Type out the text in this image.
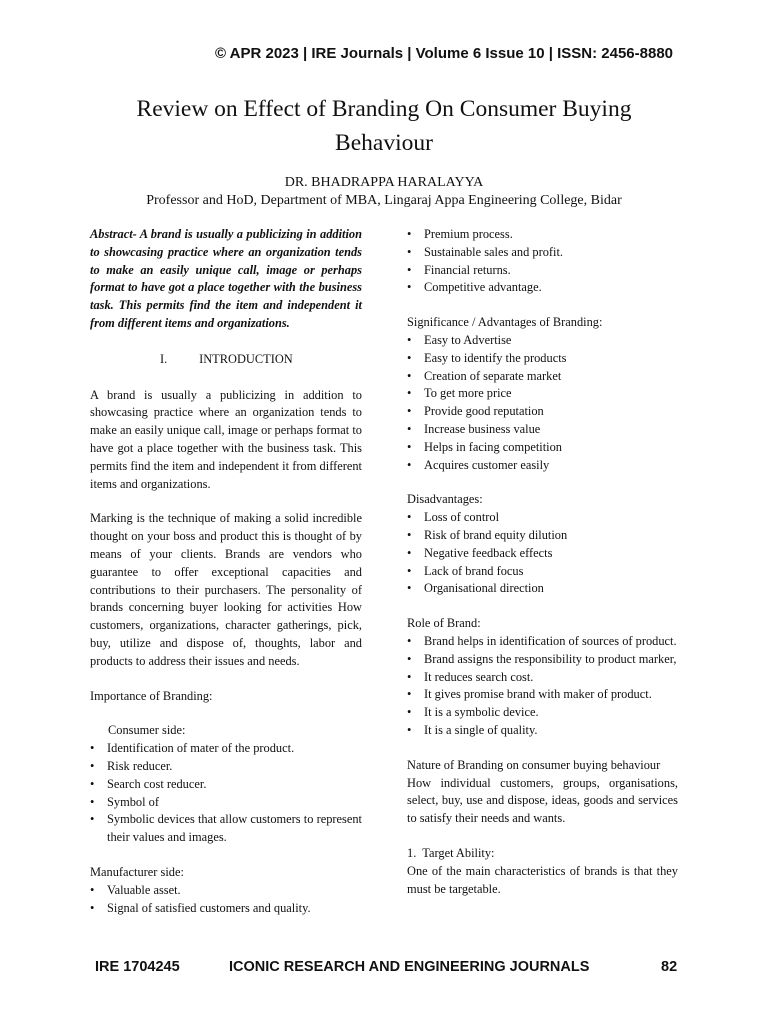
© APR 2023 | IRE Journals | Volume 6 Issue 10 | ISSN: 2456-8880
Review on Effect of Branding On Consumer Buying Behaviour
DR. BHADRAPPA HARALAYYA
Professor and HoD, Department of MBA, Lingaraj Appa Engineering College, Bidar

Abstract- A brand is usually a publicizing in addition to showcasing practice where an organization tends to make an easily unique call, image or perhaps format to have got a place together with the business task. This permits find the item and independent it from different items and organizations.

I.	INTRODUCTION

A brand is usually a publicizing in addition to showcasing practice where an organization tends to make an easily unique call, image or perhaps format to have got a place together with the business task. This permits find the item and independent it from different items and organizations.

Marking is the technique of making a solid incredible thought on your boss and product this is thought of by means of your clients. Brands are vendors who guarantee to offer exceptional capacities and contributions to their purchasers. The personality of brands concerning buyer looking for activities How customers, organizations, character gatherings, pick, buy, utilize and dispose of, thoughts, labor and products to address their issues and needs.

Importance of Branding:
Consumer side:
• Identification of mater of the product.
• Risk reducer.
• Search cost reducer.
• Symbol of
• Symbolic devices that allow customers to represent their values and images.
Manufacturer side:
• Valuable asset.
• Signal of satisfied customers and quality.
• Premium process.
• Sustainable sales and profit.
• Financial returns.
• Competitive advantage.
Significance / Advantages of Branding:
• Easy to Advertise
• Easy to identify the products
• Creation of separate market
• To get more price
• Provide good reputation
• Increase business value
• Helps in facing competition
• Acquires customer easily
Disadvantages:
• Loss of control
• Risk of brand equity dilution
• Negative feedback effects
• Lack of brand focus
• Organisational direction
Role of Brand:
• Brand helps in identification of sources of product.
• Brand assigns the responsibility to product marker,
• It reduces search cost.
• It gives promise brand with maker of product.
• It is a symbolic device.
• It is a single of quality.
Nature of Branding on consumer buying behaviour

How individual customers, groups, organisations, select, buy, use and dispose, ideas, goods and services to satisfy their needs and wants.

1.  Target Ability:

One of the main characteristics of brands is that they must be targetable.

IRE 1704245	ICONIC RESEARCH AND ENGINEERING JOURNALS	82
